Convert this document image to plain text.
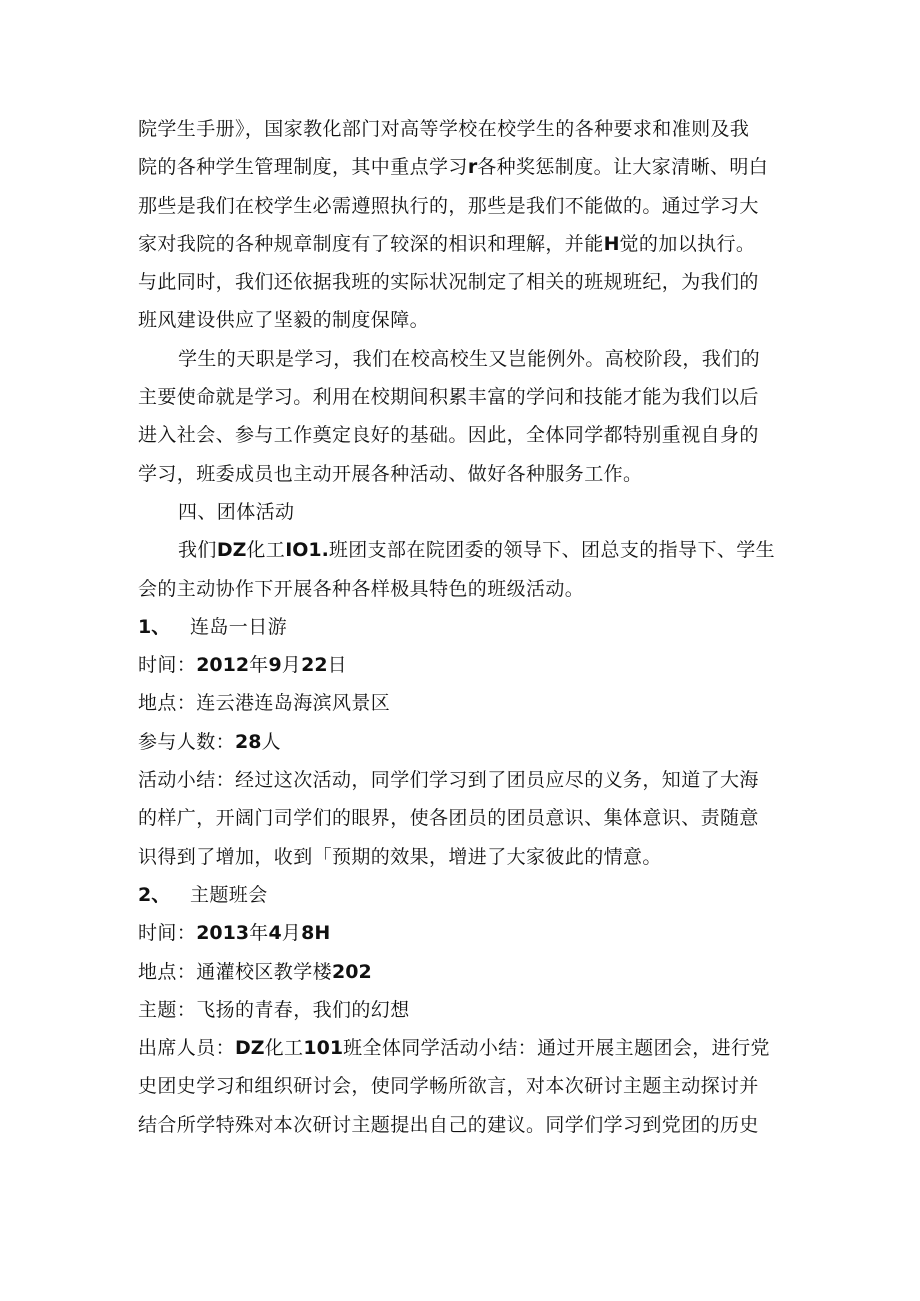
院学生手册》，国家教化部门对高等学校在校学生的各种要求和准则及我
院的各种学生管理制度，其中重点学习r各种奖惩制度。让大家清晰、明白
那些是我们在校学生必需遵照执行的，那些是我们不能做的。通过学习大
家对我院的各种规章制度有了较深的相识和理解，并能H觉的加以执行。
与此同时，我们还依据我班的实际状况制定了相关的班规班纪，为我们的
班风建设供应了坚毅的制度保障。
学生的天职是学习，我们在校高校生又岂能例外。高校阶段，我们的
主要使命就是学习。利用在校期间积累丰富的学问和技能才能为我们以后
进入社会、参与工作奠定良好的基础。因此，全体同学都特别重视自身的
学习，班委成员也主动开展各种活动、做好各种服务工作。
四、团体活动
我们DZ化工IO1.班团支部在院团委的领导下、团总支的指导下、学生
会的主动协作下开展各种各样极具特色的班级活动。
1、 连岛一日游
时间：2012年9月22日
地点：连云港连岛海滨风景区
参与人数：28人
活动小结：经过这次活动，同学们学习到了团员应尽的义务，知道了大海
的样广，开阔门司学们的眼界，使各团员的团员意识、集体意识、责随意
识得到了增加，收到「预期的效果，增进了大家彼此的情意。
2、 主题班会
时间：2013年4月8H
地点：通灌校区教学楼202
主题：飞扬的青春，我们的幻想
出席人员：DZ化工101班全体同学活动小结：通过开展主题团会，进行党
史团史学习和组织研讨会，使同学畅所欲言，对本次研讨主题主动探讨并
结合所学特殊对本次研讨主题提出自己的建议。同学们学习到党团的历史
